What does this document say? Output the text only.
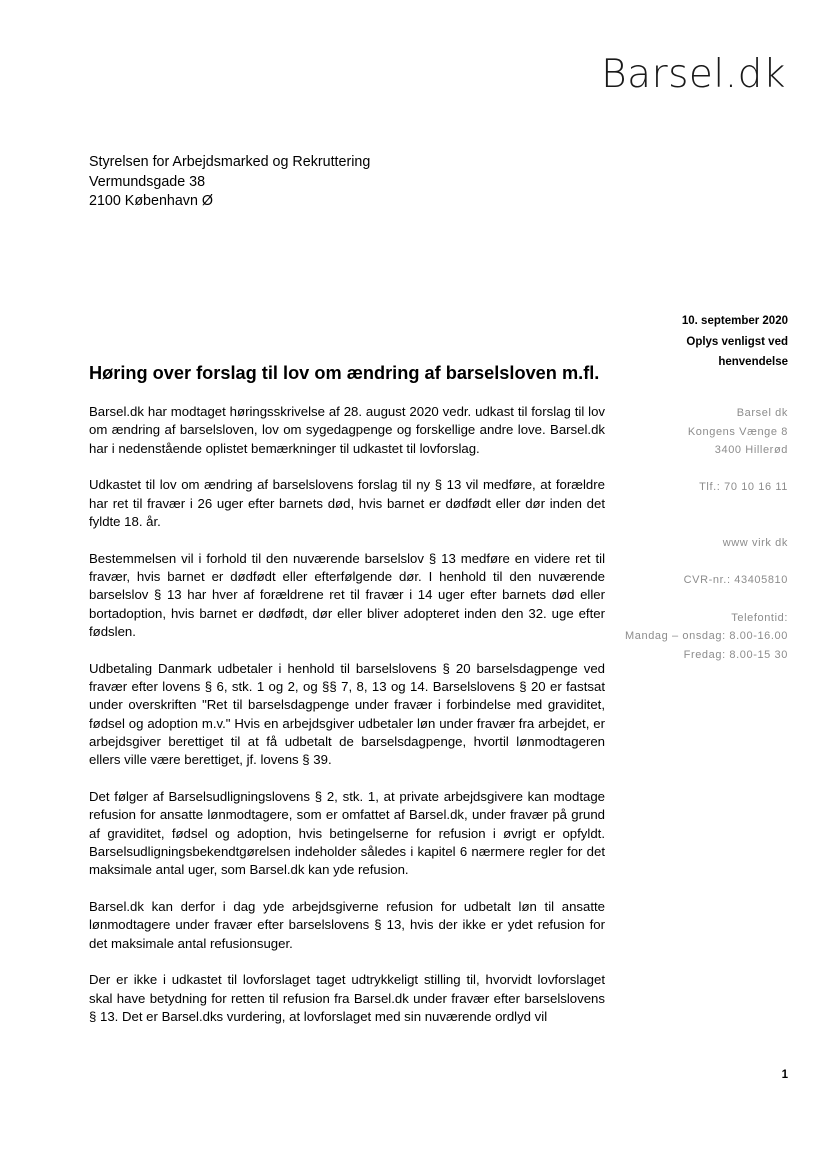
Barsel.dk
Styrelsen for Arbejdsmarked og Rekruttering
Vermundsgade 38
2100 København Ø
10. september 2020
Oplys venligst ved
henvendelse
Høring over forslag til lov om ændring af barselsloven m.fl.

Barsel.dk har modtaget høringsskrivelse af 28. august 2020 vedr. udkast til forslag til lov om ændring af barselsloven, lov om sygedagpenge og forskellige andre love. Barsel.dk har i nedenstående oplistet bemærkninger til udkastet til lovforslag.

Udkastet til lov om ændring af barselslovens forslag til ny § 13 vil medføre, at forældre har ret til fravær i 26 uger efter barnets død, hvis barnet er dødfødt eller dør inden det fyldte 18. år.

Bestemmelsen vil i forhold til den nuværende barselslov § 13 medføre en videre ret til fravær, hvis barnet er dødfødt eller efterfølgende dør. I henhold til den nuværende barselslov § 13 har hver af forældrene ret til fravær i 14 uger efter barnets død eller bortadoption, hvis barnet er dødfødt, dør eller bliver adopteret inden den 32. uge efter fødslen.

Udbetaling Danmark udbetaler i henhold til barselslovens § 20 barselsdagpenge ved fravær efter lovens § 6, stk. 1 og 2, og §§ 7, 8, 13 og 14. Barselslovens § 20 er fastsat under overskriften "Ret til barselsdagpenge under fravær i forbindelse med graviditet, fødsel og adoption m.v." Hvis en arbejdsgiver udbetaler løn under fravær fra arbejdet, er arbejdsgiver berettiget til at få udbetalt de barselsdagpenge, hvortil lønmodtageren ellers ville være berettiget, jf. lovens § 39.

Det følger af Barselsudligningslovens § 2, stk. 1, at private arbejdsgivere kan modtage refusion for ansatte lønmodtagere, som er omfattet af Barsel.dk, under fravær på grund af graviditet, fødsel og adoption, hvis betingelserne for refusion i øvrigt er opfyldt. Barselsudligningsbekendtgørelsen indeholder således i kapitel 6 nærmere regler for det maksimale antal uger, som Barsel.dk kan yde refusion.

Barsel.dk kan derfor i dag yde arbejdsgiverne refusion for udbetalt løn til ansatte lønmodtagere under fravær efter barselslovens § 13, hvis der ikke er ydet refusion for det maksimale antal refusionsuger.

Der er ikke i udkastet til lovforslaget taget udtrykkeligt stilling til, hvorvidt lovforslaget skal have betydning for retten til refusion fra Barsel.dk under fravær efter barselslovens § 13. Det er Barsel.dks vurdering, at lovforslaget med sin nuværende ordlyd vil

Barsel dk
Kongens Vænge 8
3400 Hillerød
Tlf.: 70 10 16 11
www virk dk
CVR-nr.: 43405810
Telefontid:
Mandag – onsdag: 8.00-16.00
Fredag: 8.00-15 30
1
